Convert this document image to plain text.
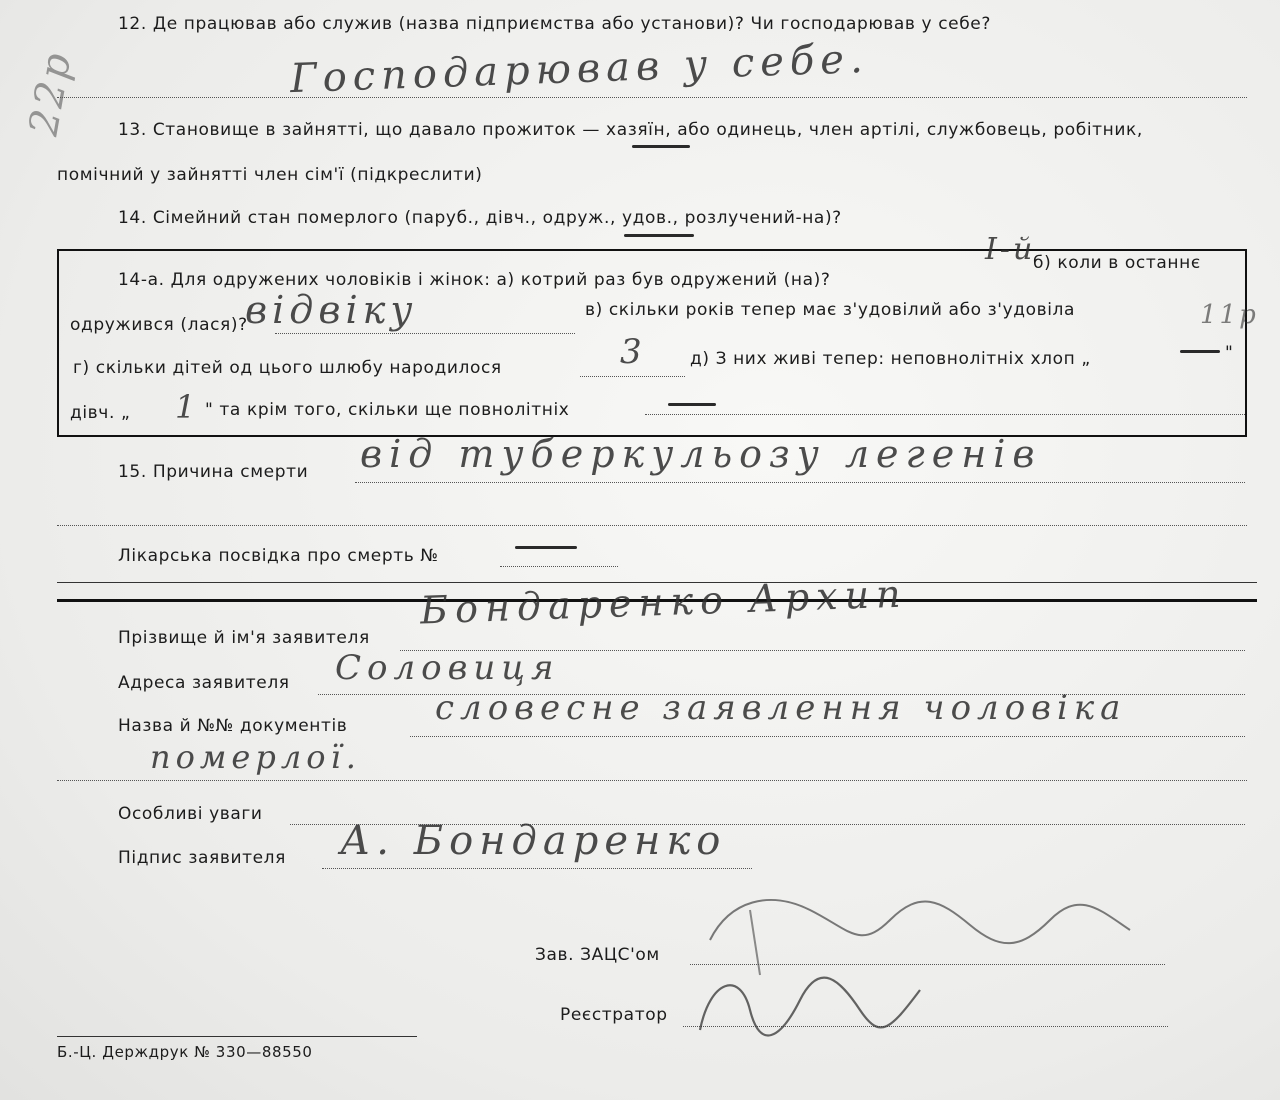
22р
12. Де працював або служив (назва підприємства або установи)? Чи господарював у себе?
Господарював у себе.
13. Становище в зайнятті, що давало прожиток — хазяїн, або одинець, член артілі, службовець, робітник,
помічний у зайнятті член сім'ї (підкреслити)
14. Сімейний стан померлого (паруб., дівч., одруж., удов., розлучений-на)?
14-а. Для одружених чоловіків і жінок: а) котрий раз був одружений (на)?
І-й
б) коли в останнє
11р
одружився (лася)?
відвіку	в) скільки років тепер має з'удовілий або з'удовіла
г) скільки дітей од цього шлюбу народилося	3	д) З них живі тепер: неповнолітніх хлоп „	"
дівч. „ 1 " та крім того, скільки ще повнолітніх
15. Причина смерти від туберкульозу легенів
Лікарська посвідка про смерть №
Прізвище й ім'я заявителя
Бондаренко Архип
Адреса заявителя Соловиця
Назва й №№ документів	словесне заявлення чоловіка
померлої.
Особливі уваги
Підпис заявителя А. Бондаренко
Зав. ЗАЦС'ом
Реєстратор
Б.-Ц. Держдрук № 330—88550
